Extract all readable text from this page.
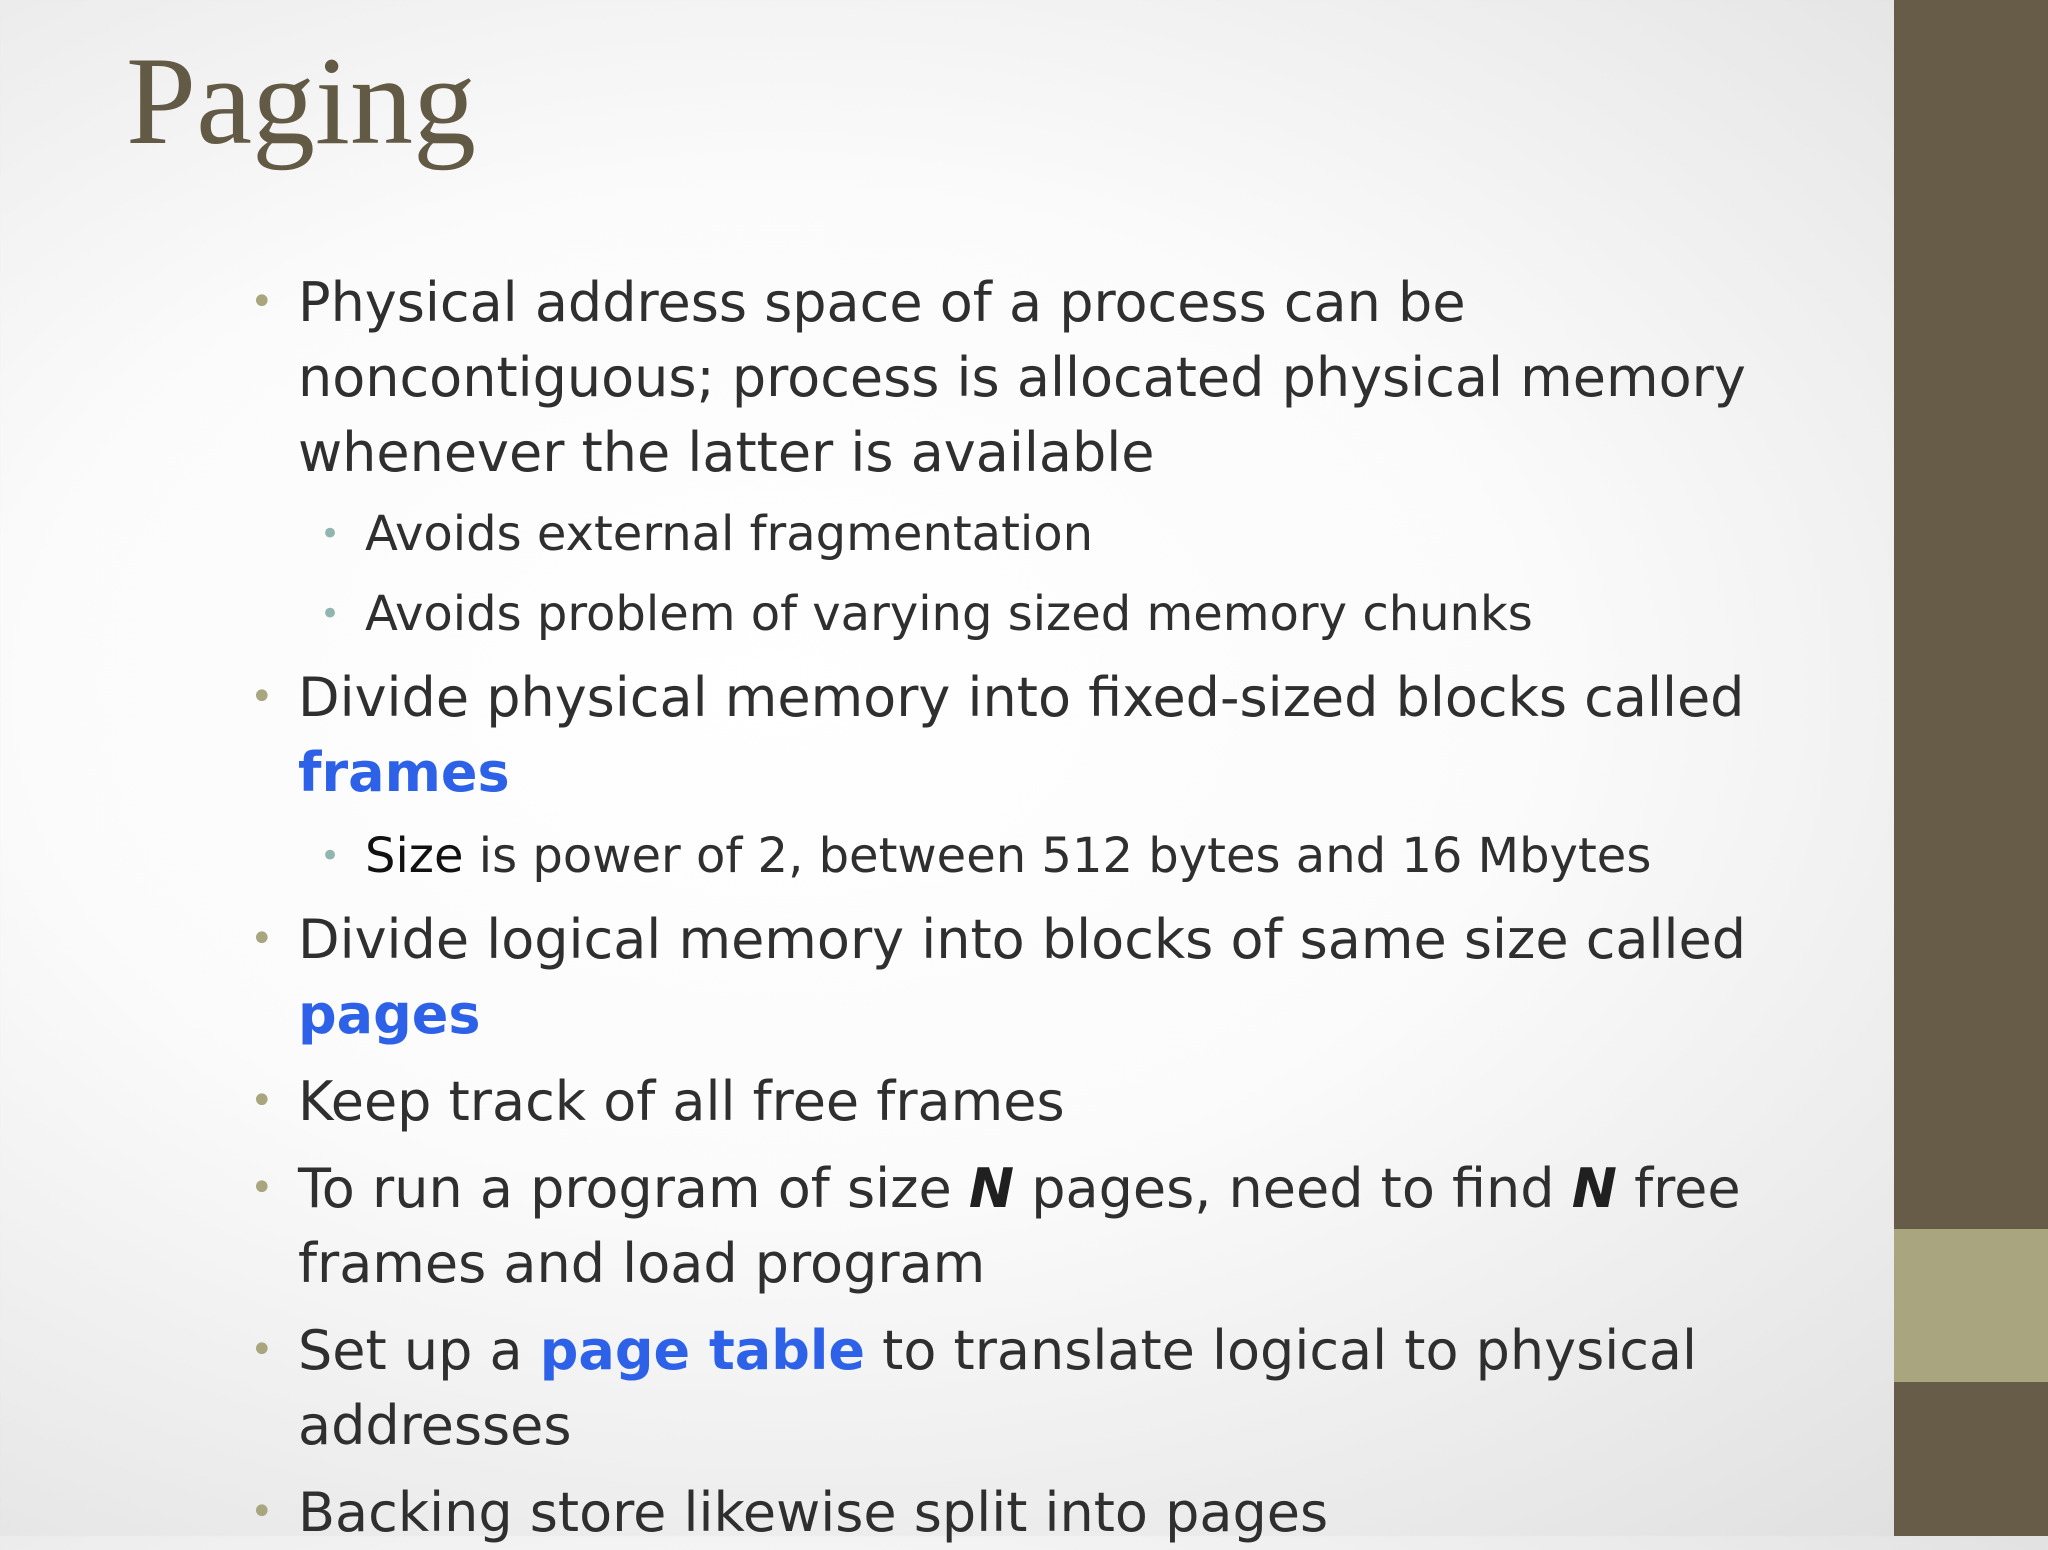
Paging
• Physical address space of a process can be
noncontiguous; process is allocated physical memory
whenever the latter is available
• Avoids external fragmentation
• Avoids problem of varying sized memory chunks
• Divide physical memory into fixed-sized blocks called
frames
• Size is power of 2, between 512 bytes and 16 Mbytes
• Divide logical memory into blocks of same size called
pages
• Keep track of all free frames
• To run a program of size N pages, need to find N free
frames and load program
• Set up a page table to translate logical to physical
addresses
• Backing store likewise split into pages
